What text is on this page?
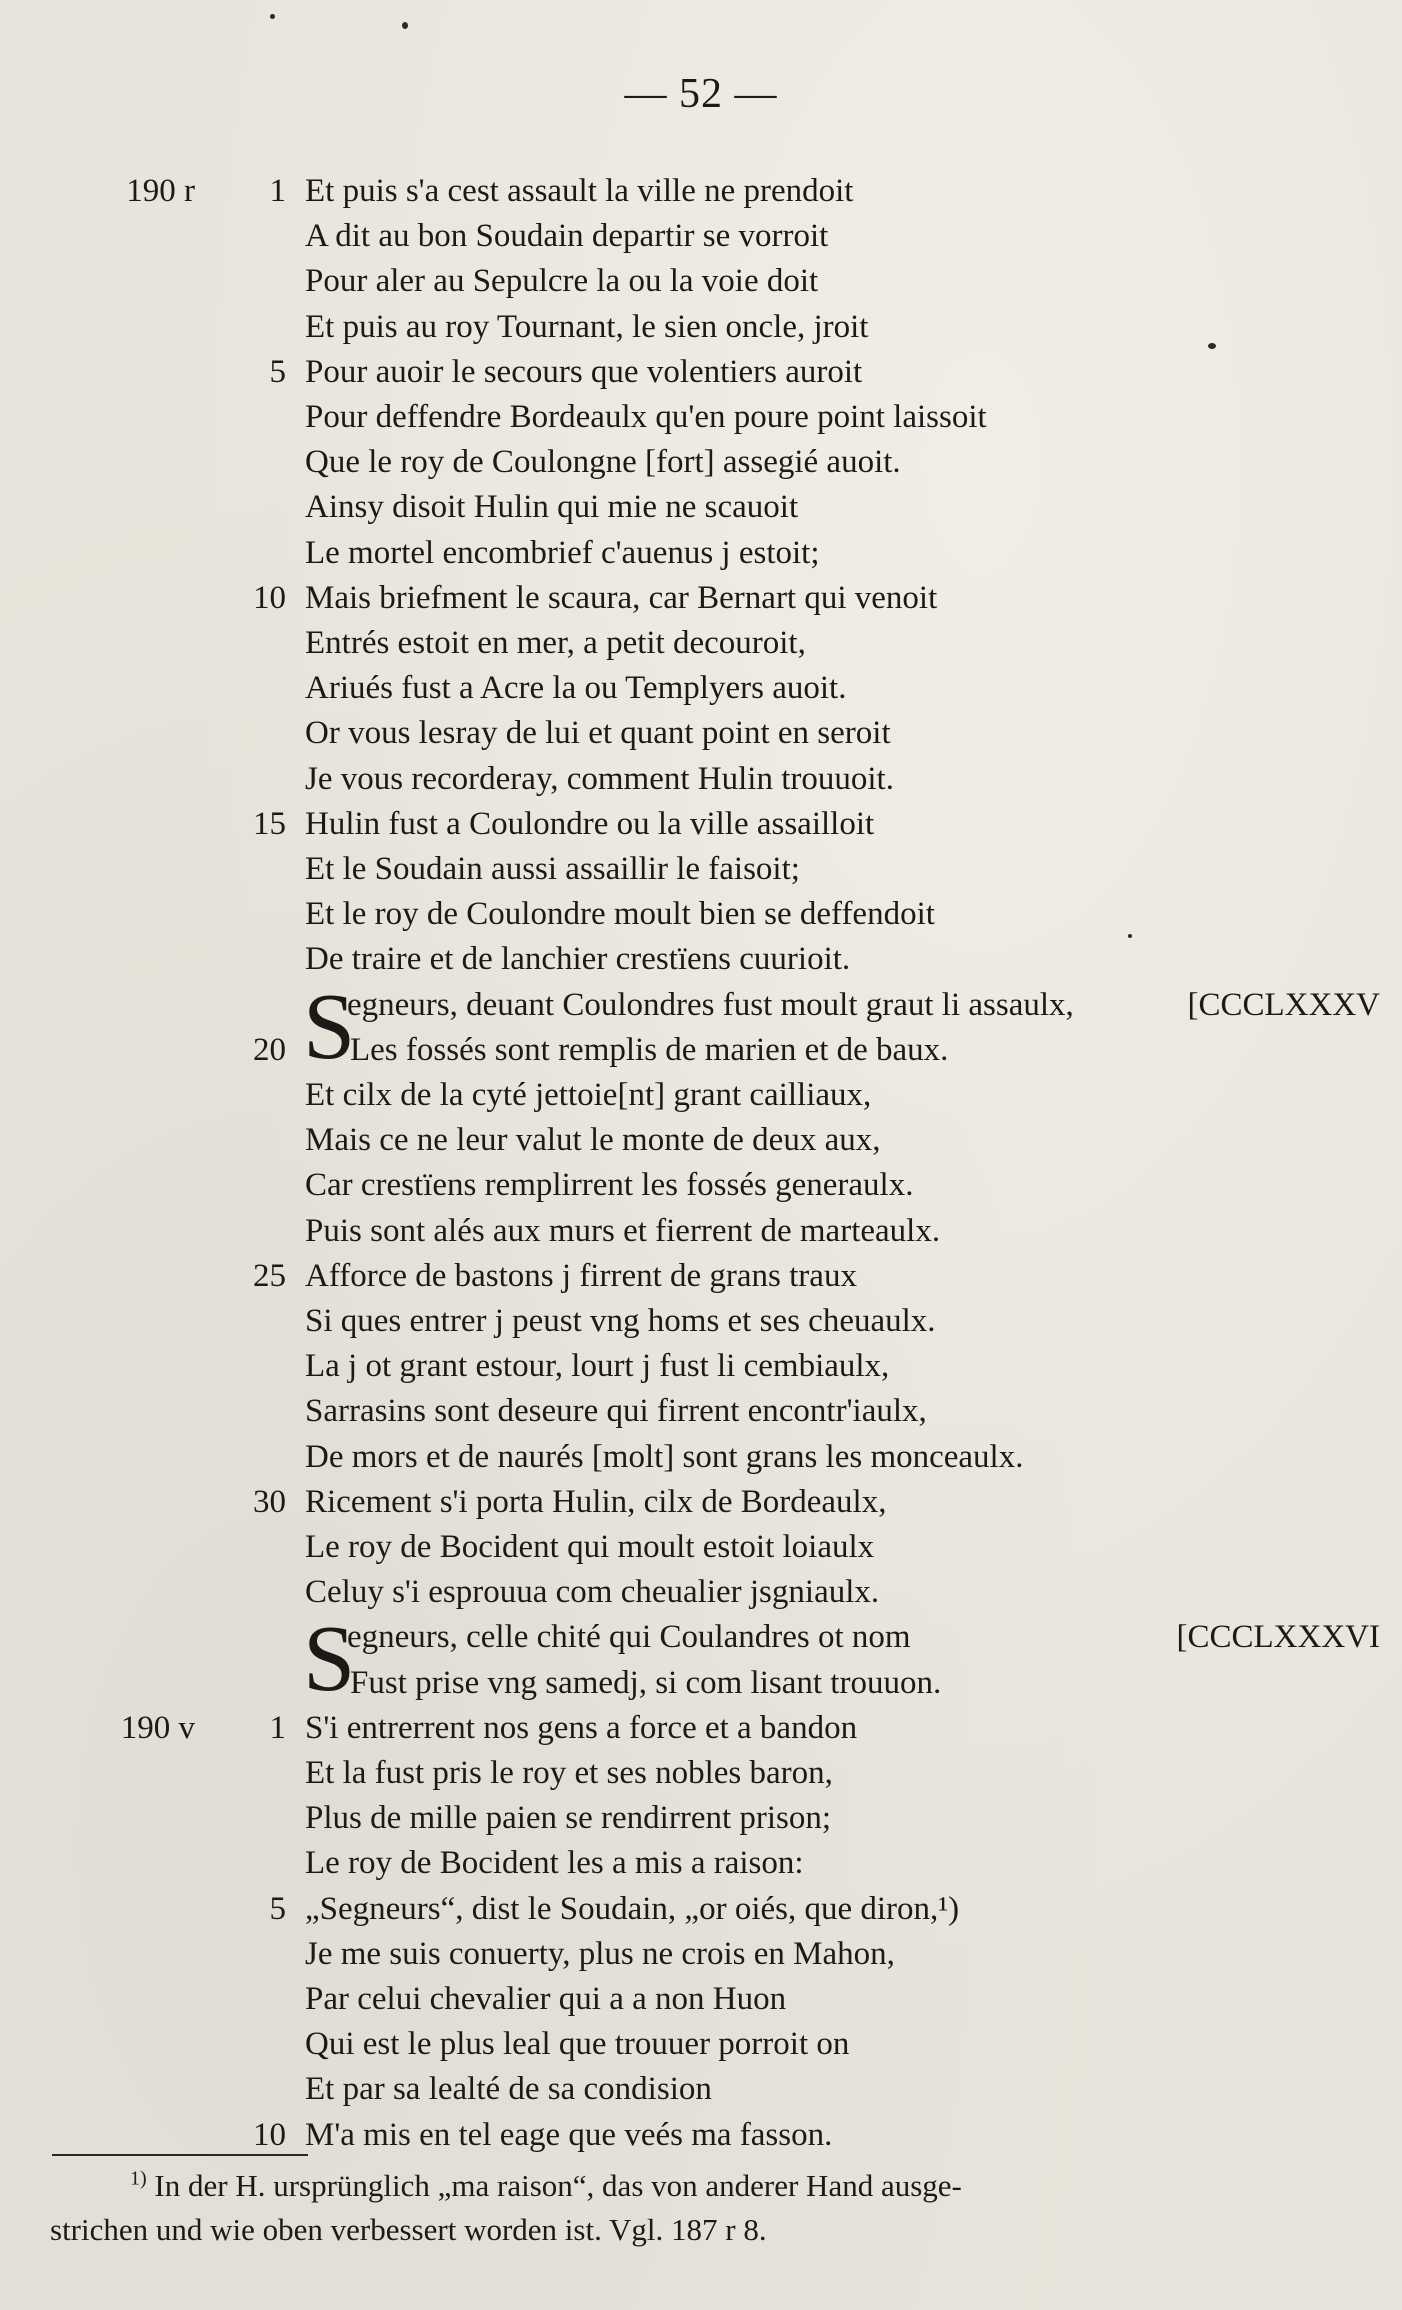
— 52 —
190 r 1 Et puis s'a cest assault la ville ne prendoit
A dit au bon Soudain departir se vorroit
Pour aler au Sepulcre la ou la voie doit
Et puis au roy Tournant, le sien oncle, jroit
5 Pour auoir le secours que volentiers auroit
Pour deffendre Bordeaulx qu'en poure point laissoit
Que le roy de Coulongne [fort] assegié auoit.
Ainsy disoit Hulin qui mie ne scauoit
Le mortel encombrief c'auenus j estoit;
10 Mais briefment le scaura, car Bernart qui venoit
Entrés estoit en mer, a petit decouroit,
Ariués fust a Acre la ou Templyers auoit.
Or vous lesray de lui et quant point en seroit
Je vous recorderay, comment Hulin trouuoit.
15 Hulin fust a Coulondre ou la ville assailloit
Et le Soudain aussi assaillir le faisoit;
Et le roy de Coulondre moult bien se deffendoit
De traire et de lanchier crestïens cuurioit.
S
egneurs, deuant Coulondres fust moult graut li assaulx,	[CCCLXXXV
20 Les fossés sont remplis de marien et de baux.
Et cilx de la cyté jettoie[nt] grant cailliaux,
Mais ce ne leur valut le monte de deux aux,
Car crestïens remplirrent les fossés generaulx.
Puis sont alés aux murs et fierrent de marteaulx.
25 Afforce de bastons j firrent de grans traux
Si ques entrer j peust vng homs et ses cheuaulx.
La j ot grant estour, lourt j fust li cembiaulx,
Sarrasins sont deseure qui firrent encontr'iaulx,
De mors et de naurés [molt] sont grans les monceaulx.
30 Ricement s'i porta Hulin, cilx de Bordeaulx,
Le roy de Bocident qui moult estoit loiaulx
Celuy s'i esprouua com cheualier jsgniaulx.
S
egneurs, celle chité qui Coulandres ot nom	[CCCLXXXVI
Fust prise vng samedj, si com lisant trouuon.
190 v 1 S'i entrerrent nos gens a force et a bandon
Et la fust pris le roy et ses nobles baron,
Plus de mille paien se rendirrent prison;
Le roy de Bocident les a mis a raison:
5 „Segneurs“, dist le Soudain, „or oiés, que diron,¹)
Je me suis conuerty, plus ne crois en Mahon,
Par celui chevalier qui a a non Huon
Qui est le plus leal que trouuer porroit on
Et par sa lealté de sa condision
10 M'a mis en tel eage que veés ma fasson.
$^{1)}$ In der H. ursprünglich „ma raison“, das von anderer Hand ausge-
strichen und wie oben verbessert worden ist. Vgl. 187 r 8.
